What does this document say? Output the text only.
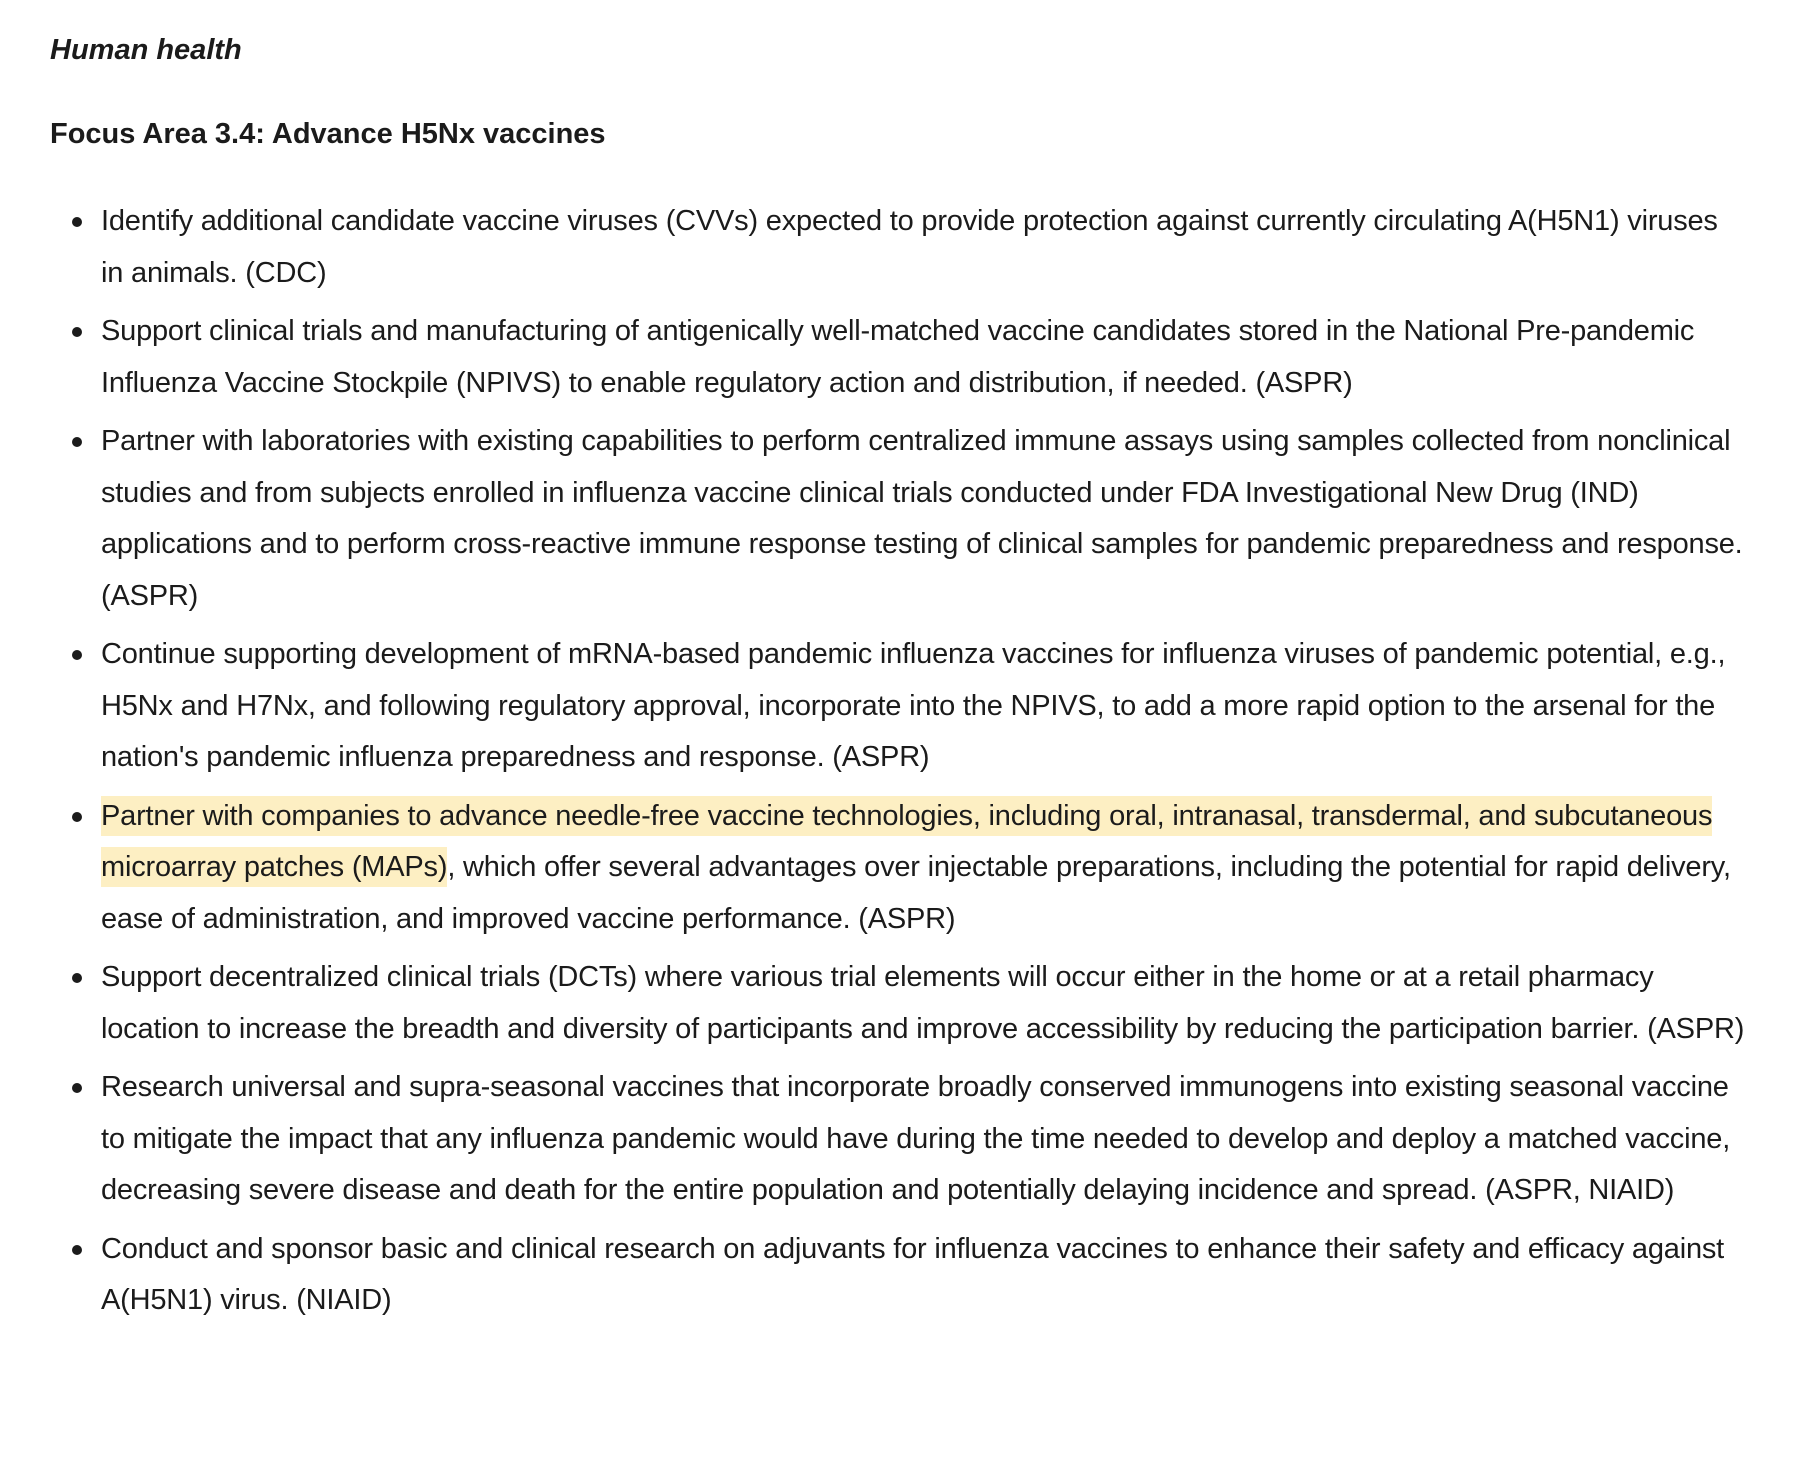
Human health
Focus Area 3.4: Advance H5Nx vaccines
Identify additional candidate vaccine viruses (CVVs) expected to provide protection against currently circulating A(H5N1) viruses in animals. (CDC)
Support clinical trials and manufacturing of antigenically well-matched vaccine candidates stored in the National Pre-pandemic Influenza Vaccine Stockpile (NPIVS) to enable regulatory action and distribution, if needed. (ASPR)
Partner with laboratories with existing capabilities to perform centralized immune assays using samples collected from nonclinical studies and from subjects enrolled in influenza vaccine clinical trials conducted under FDA Investigational New Drug (IND) applications and to perform cross-reactive immune response testing of clinical samples for pandemic preparedness and response. (ASPR)
Continue supporting development of mRNA-based pandemic influenza vaccines for influenza viruses of pandemic potential, e.g., H5Nx and H7Nx, and following regulatory approval, incorporate into the NPIVS, to add a more rapid option to the arsenal for the nation's pandemic influenza preparedness and response. (ASPR)
Partner with companies to advance needle-free vaccine technologies, including oral, intranasal, transdermal, and subcutaneous microarray patches (MAPs), which offer several advantages over injectable preparations, including the potential for rapid delivery, ease of administration, and improved vaccine performance. (ASPR)
Support decentralized clinical trials (DCTs) where various trial elements will occur either in the home or at a retail pharmacy location to increase the breadth and diversity of participants and improve accessibility by reducing the participation barrier. (ASPR)
Research universal and supra-seasonal vaccines that incorporate broadly conserved immunogens into existing seasonal vaccine to mitigate the impact that any influenza pandemic would have during the time needed to develop and deploy a matched vaccine, decreasing severe disease and death for the entire population and potentially delaying incidence and spread. (ASPR, NIAID)
Conduct and sponsor basic and clinical research on adjuvants for influenza vaccines to enhance their safety and efficacy against A(H5N1) virus. (NIAID)
